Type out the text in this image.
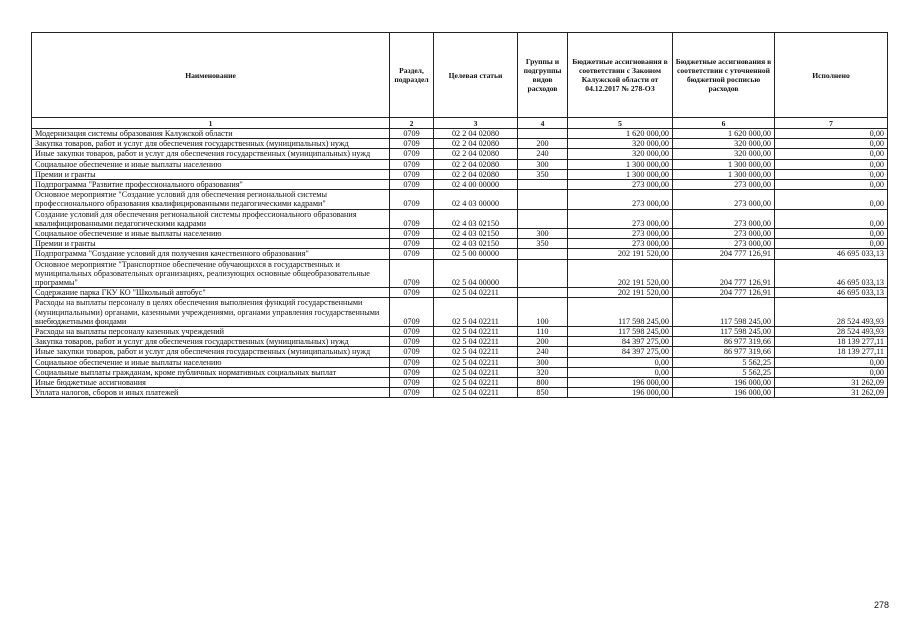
Наименование	Раздел, подраздел	Целевая статьи	Группы и подгруппы видов расходов	Бюджетные ассигнования в соответствии с Законом Калужской области от 04.12.2017 № 278-ОЗ	Бюджетные ассигнования в соответствии с уточненной бюджетной росписью расходов	Исполнено
1	2	3	4	5	6	7
Модернизация системы образования Калужской области	0709	02 2 04 02080		1 620 000,00	1 620 000,00	0,00
Закупка товаров, работ и услуг для обеспечения государственных (муниципальных) нужд	0709	02 2 04 02080	200	320 000,00	320 000,00	0,00
Иные закупки товаров, работ и услуг для обеспечения государственных (муниципальных) нужд	0709	02 2 04 02080	240	320 000,00	320 000,00	0,00
Социальное обеспечение и иные выплаты населению	0709	02 2 04 02080	300	1 300 000,00	1 300 000,00	0,00
Премии и гранты	0709	02 2 04 02080	350	1 300 000,00	1 300 000,00	0,00
Подпрограмма "Развитие профессионального образования"	0709	02 4 00 00000		273 000,00	273 000,00	0,00
Основное мероприятие "Создание условий для обеспечения региональной системы профессионального образования квалифицированными педагогическими кадрами"	0709	02 4 03 00000		273 000,00	273 000,00	0,00
Создание условий для обеспечения региональной системы профессионального образования квалифицированными педагогическими кадрами	0709	02 4 03 02150		273 000,00	273 000,00	0,00
Социальное обеспечение и иные выплаты населению	0709	02 4 03 02150	300	273 000,00	273 000,00	0,00
Премии и гранты	0709	02 4 03 02150	350	273 000,00	273 000,00	0,00
Подпрограмма "Создание условий для получения качественного образования"	0709	02 5 00 00000		202 191 520,00	204 777 126,91	46 695 033,13
Основное мероприятие "Транспортное обеспечение обучающихся в государственных и муниципальных образовательных организациях, реализующих основные общеобразовательные программы"	0709	02 5 04 00000		202 191 520,00	204 777 126,91	46 695 033,13
Содержание парка ГКУ КО "Школьный автобус"	0709	02 5 04 02211		202 191 520,00	204 777 126,91	46 695 033,13
Расходы на выплаты персоналу в целях обеспечения выполнения функций государственными (муниципальными) органами, казенными учреждениями, органами управления государственными внебюджетными фондами	0709	02 5 04 02211	100	117 598 245,00	117 598 245,00	28 524 493,93
Расходы на выплаты персоналу казенных учреждений	0709	02 5 04 02211	110	117 598 245,00	117 598 245,00	28 524 493,93
Закупка товаров, работ и услуг для обеспечения государственных (муниципальных) нужд	0709	02 5 04 02211	200	84 397 275,00	86 977 319,66	18 139 277,11
Иные закупки товаров, работ и услуг для обеспечения государственных (муниципальных) нужд	0709	02 5 04 02211	240	84 397 275,00	86 977 319,66	18 139 277,11
Социальное обеспечение и иные выплаты населению	0709	02 5 04 02211	300	0,00	5 562,25	0,00
Социальные выплаты гражданам, кроме публичных нормативных социальных выплат	0709	02 5 04 02211	320	0,00	5 562,25	0,00
Иные бюджетные ассигнования	0709	02 5 04 02211	800	196 000,00	196 000,00	31 262,09
Уплата налогов, сборов и иных платежей	0709	02 5 04 02211	850	196 000,00	196 000,00	31 262,09
278
